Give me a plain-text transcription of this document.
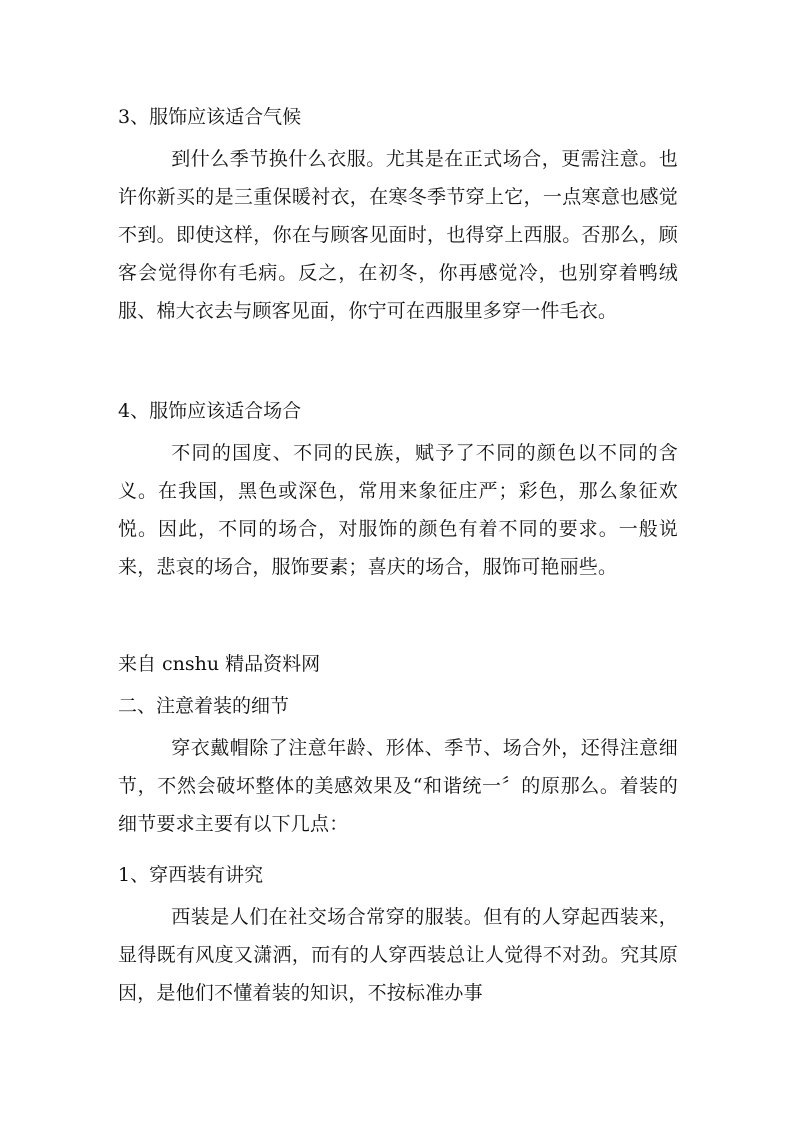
3、服饰应该适合气候
到什么季节换什么衣服。尤其是在正式场合，更需注意。也许你新买的是三重保暖衬衣，在寒冬季节穿上它，一点寒意也感觉不到。即使这样，你在与顾客见面时，也得穿上西服。否那么，顾客会觉得你有毛病。反之，在初冬，你再感觉冷，也别穿着鸭绒服、棉大衣去与顾客见面，你宁可在西服里多穿一件毛衣。
4、服饰应该适合场合
不同的国度、不同的民族，赋予了不同的颜色以不同的含义。在我国，黑色或深色，常用来象征庄严；彩色，那么象征欢悦。因此，不同的场合，对服饰的颜色有着不同的要求。一般说来，悲哀的场合，服饰要素；喜庆的场合，服饰可艳丽些。
来自 cnshu 精品资料网
二、注意着装的细节
穿衣戴帽除了注意年龄、形体、季节、场合外，还得注意细节，不然会破坏整体的美感效果及“和谐统一〞的原那么。着装的细节要求主要有以下几点：
1、穿西装有讲究
西装是人们在社交场合常穿的服装。但有的人穿起西装来，显得既有风度又潇洒，而有的人穿西装总让人觉得不对劲。究其原因，是他们不懂着装的知识，不按标准办事
